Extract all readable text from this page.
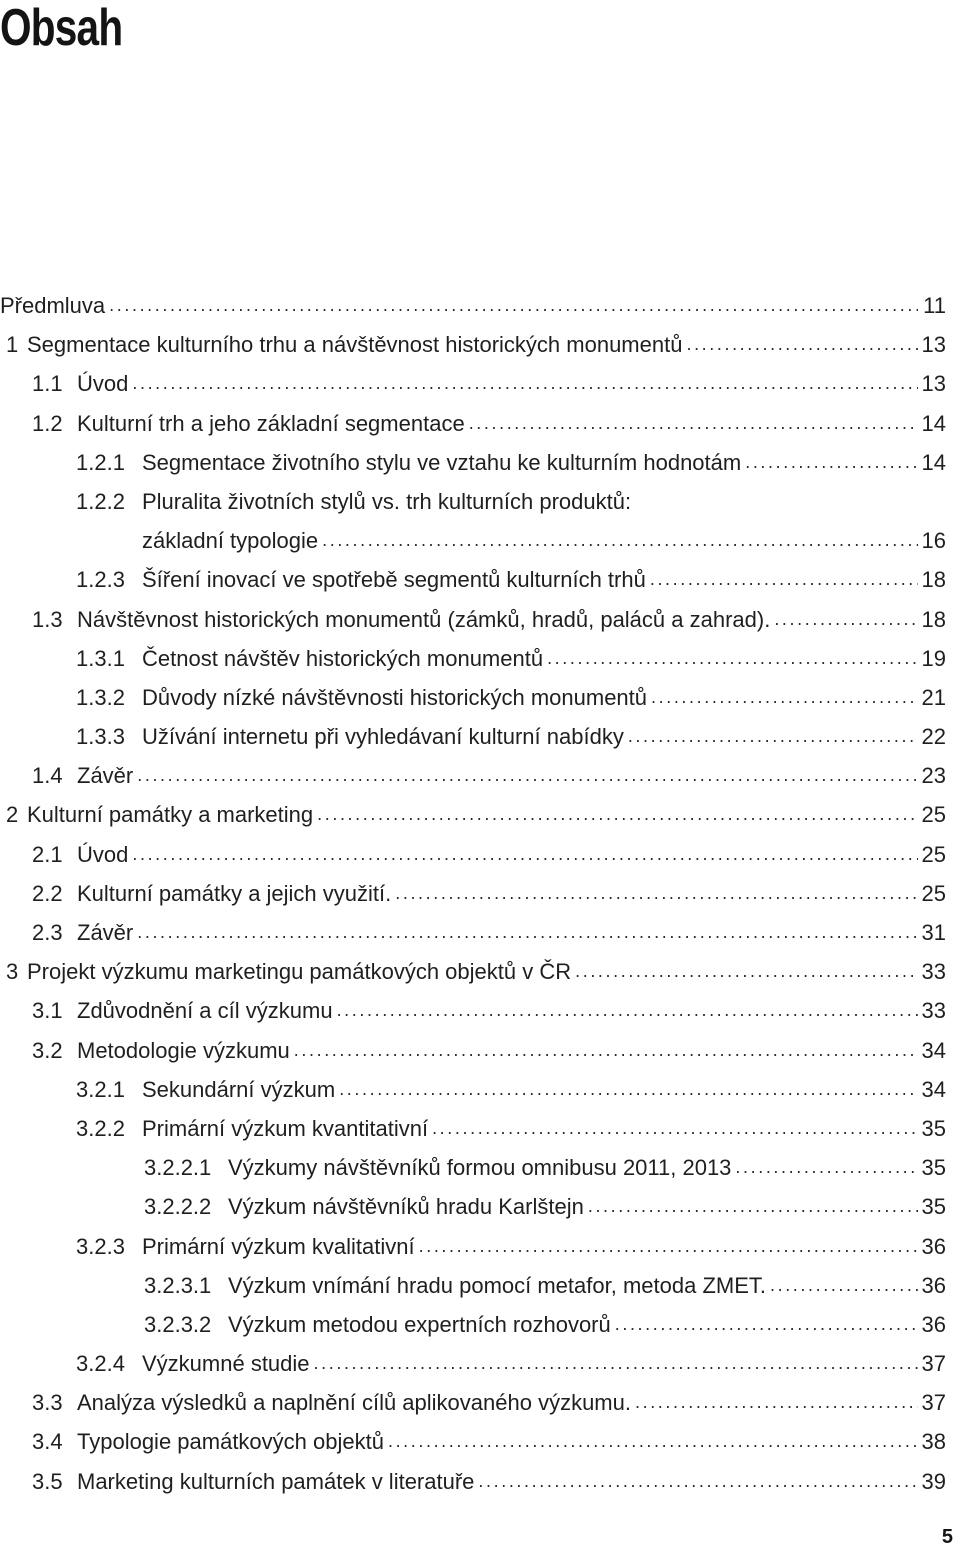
Obsah
Předmluva . . .	11
1 Segmentace kulturního trhu a návštěvnost historických monumentů . . .	13
1.1 Úvod . . .	13
1.2 Kulturní trh a jeho základní segmentace . . .	14
1.2.1 Segmentace životního stylu ve vztahu ke kulturním hodnotám . . .	14
1.2.2 Pluralita životních stylů vs. trh kulturních produktů:
základní typologie . . .	16
1.2.3 Šíření inovací ve spotřebě segmentů kulturních trhů . . .	18
1.3 Návštěvnost historických monumentů (zámků, hradů, paláců a zahrad). . . .	18
1.3.1 Četnost návštěv historických monumentů . . .	19
1.3.2 Důvody nízké návštěvnosti historických monumentů . . .	21
1.3.3 Užívání internetu při vyhledávaní kulturní nabídky . . .	22
1.4 Závěr . . .	23
2 Kulturní památky a marketing . . .	25
2.1 Úvod . . .	25
2.2 Kulturní památky a jejich využití. . . .	25
2.3 Závěr . . .	31
3 Projekt výzkumu marketingu památkových objektů v ČR . . .	33
3.1 Zdůvodnění a cíl výzkumu . . .	33
3.2 Metodologie výzkumu . . .	34
3.2.1 Sekundární výzkum . . .	34
3.2.2 Primární výzkum kvantitativní . . .	35
3.2.2.1 Výzkumy návštěvníků formou omnibusu 2011, 2013 . . .	35
3.2.2.2 Výzkum návštěvníků hradu Karlštejn . . .	35
3.2.3 Primární výzkum kvalitativní . . .	36
3.2.3.1 Výzkum vnímání hradu pomocí metafor, metoda ZMET. . . .	36
3.2.3.2 Výzkum metodou expertních rozhovorů . . .	36
3.2.4 Výzkumné studie . . .	37
3.3 Analýza výsledků a naplnění cílů aplikovaného výzkumu. . . .	37
3.4 Typologie památkových objektů . . .	38
3.5 Marketing kulturních památek v literatuře . . .	39

5
